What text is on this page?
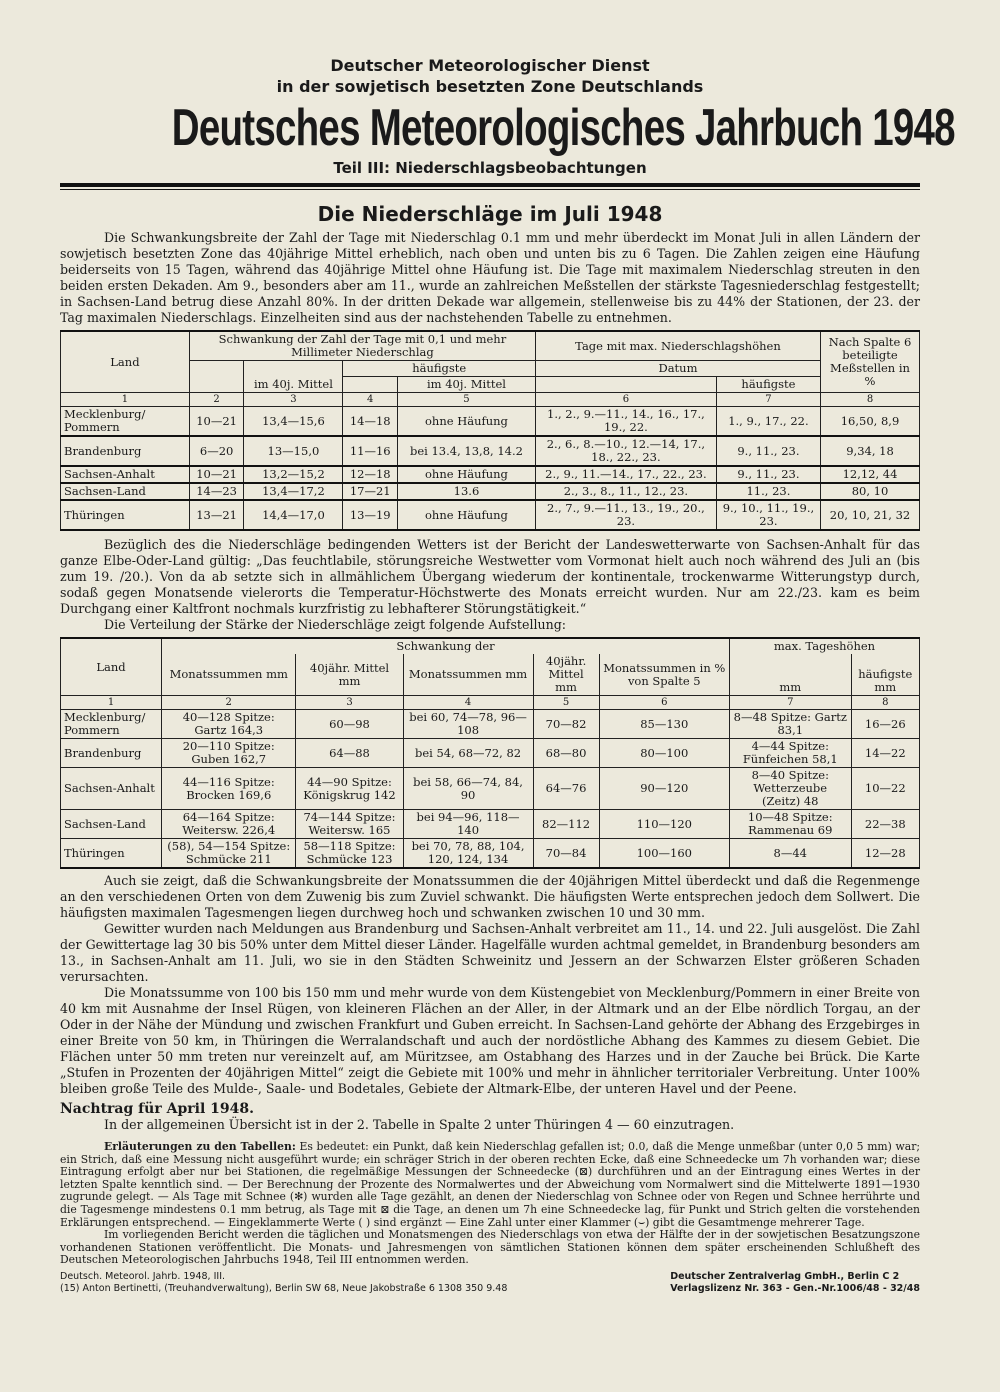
Deutscher Meteorologischer Dienst
in der sowjetisch besetzten Zone Deutschlands
Deutsches Meteorologisches Jahrbuch 1948
Teil III: Niederschlagsbeobachtungen
Die Niederschläge im Juli 1948

Die Schwankungsbreite der Zahl der Tage mit Niederschlag 0.1 mm und mehr überdeckt im Monat Juli in allen Ländern der sowjetisch besetzten Zone das 40jährige Mittel erheblich, nach oben und unten bis zu 6 Tagen. Die Zahlen zeigen eine Häufung beiderseits von 15 Tagen, während das 40jährige Mittel ohne Häufung ist. Die Tage mit maximalem Niederschlag streuten in den beiden ersten Dekaden. Am 9., besonders aber am 11., wurde an zahlreichen Meßstellen der stärkste Tagesniederschlag festgestellt; in Sachsen-Land betrug diese Anzahl 80%. In der dritten Dekade war allgemein, stellenweise bis zu 44% der Stationen, der 23. der Tag maximalen Niederschlags. Einzelheiten sind aus der nachstehenden Tabelle zu entnehmen.

Land	Schwankung der Zahl der Tage mit 0,1 und mehr Millimeter Niederschlag				Tage mit max. Niederschlagshöhen		Nach Spalte 6 beteiligte Meßstellen in %
		im 40j. Mittel	häufigste		Datum		
				im 40j. Mittel		häufigste	
1	2	3	4	5	6	7	8
Mecklenburg/ Pommern	10—21	13,4—15,6	14—18	ohne Häufung	1., 2., 9.—11., 14., 16., 17., 19., 22.	1., 9., 17., 22.	16,50, 8,9
Brandenburg	6—20	13—15,0	11—16	bei 13.4, 13,8, 14.2	2., 6., 8.—10., 12.—14, 17., 18., 22., 23.	9., 11., 23.	9,34, 18
Sachsen-Anhalt	10—21	13,2—15,2	12—18	ohne Häufung	2., 9., 11.—14., 17., 22., 23.	9., 11., 23.	12,12, 44
Sachsen-Land	14—23	13,4—17,2	17—21	13.6	2., 3., 8., 11., 12., 23.	11., 23.	80, 10
Thüringen	13—21	14,4—17,0	13—19	ohne Häufung	2., 7., 9.—11., 13., 19., 20., 23.	9., 10., 11., 19., 23.	20, 10, 21, 32

Bezüglich des die Niederschläge bedingenden Wetters ist der Bericht der Landeswetterwarte von Sachsen-Anhalt für das ganze Elbe-Oder-Land gültig: „Das feuchtlabile, störungsreiche Westwetter vom Vormonat hielt auch noch während des Juli an (bis zum 19. /20.). Von da ab setzte sich in allmählichem Übergang wiederum der kontinentale, trockenwarme Witterungstyp durch, sodaß gegen Monatsende vielerorts die Temperatur-Höchstwerte des Monats erreicht wurden. Nur am 22./23. kam es beim Durchgang einer Kaltfront nochmals kurzfristig zu lebhafterer Störungstätigkeit.“

Die Verteilung der Stärke der Niederschläge zeigt folgende Aufstellung:

Land	Schwankung der					max. Tageshöhen	
	Monatssummen mm	40jähr. Mittel mm	Monatssummen mm	40jähr. Mittel mm	Monatssummen in % von Spalte 5	mm	häufigste mm
1	2	3	4	5	6	7	8
Mecklenburg/ Pommern	40—128 Spitze: Gartz 164,3	60—98	bei 60, 74—78, 96—108	70—82	85—130	8—48 Spitze: Gartz 83,1	16—26
Brandenburg	20—110 Spitze: Guben 162,7	64—88	bei 54, 68—72, 82	68—80	80—100	4—44 Spitze: Fünfeichen 58,1	14—22
Sachsen-Anhalt	44—116 Spitze: Brocken 169,6	44—90 Spitze: Königskrug 142	bei 58, 66—74, 84, 90	64—76	90—120	8—40 Spitze: Wetterzeube (Zeitz) 48	10—22
Sachsen-Land	64—164 Spitze: Weitersw. 226,4	74—144 Spitze: Weitersw. 165	bei 94—96, 118—140	82—112	110—120	10—48 Spitze: Rammenau 69	22—38
Thüringen	(58), 54—154 Spitze: Schmücke 211	58—118 Spitze: Schmücke 123	bei 70, 78, 88, 104, 120, 124, 134	70—84	100—160	8—44	12—28

Auch sie zeigt, daß die Schwankungsbreite der Monatssummen die der 40jährigen Mittel überdeckt und daß die Regenmenge an den verschiedenen Orten von dem Zuwenig bis zum Zuviel schwankt. Die häufigsten Werte entsprechen jedoch dem Sollwert. Die häufigsten maximalen Tagesmengen liegen durchweg hoch und schwanken zwischen 10 und 30 mm.

Gewitter wurden nach Meldungen aus Brandenburg und Sachsen-Anhalt verbreitet am 11., 14. und 22. Juli ausgelöst. Die Zahl der Gewittertage lag 30 bis 50% unter dem Mittel dieser Länder. Hagelfälle wurden achtmal gemeldet, in Brandenburg besonders am 13., in Sachsen-Anhalt am 11. Juli, wo sie in den Städten Schweinitz und Jessern an der Schwarzen Elster größeren Schaden verursachten.

Die Monatssumme von 100 bis 150 mm und mehr wurde von dem Küstengebiet von Mecklenburg/Pommern in einer Breite von 40 km mit Ausnahme der Insel Rügen, von kleineren Flächen an der Aller, in der Altmark und an der Elbe nördlich Torgau, an der Oder in der Nähe der Mündung und zwischen Frankfurt und Guben erreicht. In Sachsen-Land gehörte der Abhang des Erzgebirges in einer Breite von 50 km, in Thüringen die Werralandschaft und auch der nordöstliche Abhang des Kammes zu diesem Gebiet. Die Flächen unter 50 mm treten nur vereinzelt auf, am Müritzsee, am Ostabhang des Harzes und in der Zauche bei Brück. Die Karte „Stufen in Prozenten der 40jährigen Mittel“ zeigt die Gebiete mit 100% und mehr in ähnlicher territorialer Verbreitung. Unter 100% bleiben große Teile des Mulde-, Saale- und Bodetales, Gebiete der Altmark-Elbe, der unteren Havel und der Peene.

Nachtrag für April 1948.

In der allgemeinen Übersicht ist in der 2. Tabelle in Spalte 2 unter Thüringen 4 — 60 einzutragen.

Erläuterungen zu den Tabellen: Es bedeutet: ein Punkt, daß kein Niederschlag gefallen ist; 0.0, daß die Menge unmeßbar (unter 0,0 5 mm) war; ein Strich, daß eine Messung nicht ausgeführt wurde; ein schräger Strich in der oberen rechten Ecke, daß eine Schneedecke um 7h vorhanden war; diese Eintragung erfolgt aber nur bei Stationen, die regelmäßige Messungen der Schneedecke (⊠) durchführen und an der Eintragung eines Wertes in der letzten Spalte kenntlich sind. — Der Berechnung der Prozente des Normalwertes und der Abweichung vom Normalwert sind die Mittelwerte 1891—1930 zugrunde gelegt. — Als Tage mit Schnee (✻) wurden alle Tage gezählt, an denen der Niederschlag von Schnee oder von Regen und Schnee herrührte und die Tagesmenge mindestens 0.1 mm betrug, als Tage mit ⊠ die Tage, an denen um 7h eine Schneedecke lag, für Punkt und Strich gelten die vorstehenden Erklärungen entsprechend. — Eingeklammerte Werte ( ) sind ergänzt — Eine Zahl unter einer Klammer (⌣) gibt die Gesamtmenge mehrerer Tage.

Im vorliegenden Bericht werden die täglichen und Monatsmengen des Niederschlags von etwa der Hälfte der in der sowjetischen Besatzungszone vorhandenen Stationen veröffentlicht. Die Monats- und Jahresmengen von sämtlichen Stationen können dem später erscheinenden Schlußheft des Deutschen Meteorologischen Jahrbuchs 1948, Teil III entnommen werden.

Deutsch. Meteorol. Jahrb. 1948, III.
(15) Anton Bertinetti, (Treuhandverwaltung), Berlin SW 68, Neue Jakobstraße 6 1308 350 9.48
Deutscher Zentralverlag GmbH., Berlin C 2
Verlagslizenz Nr. 363 - Gen.-Nr.1006/48 - 32/48
